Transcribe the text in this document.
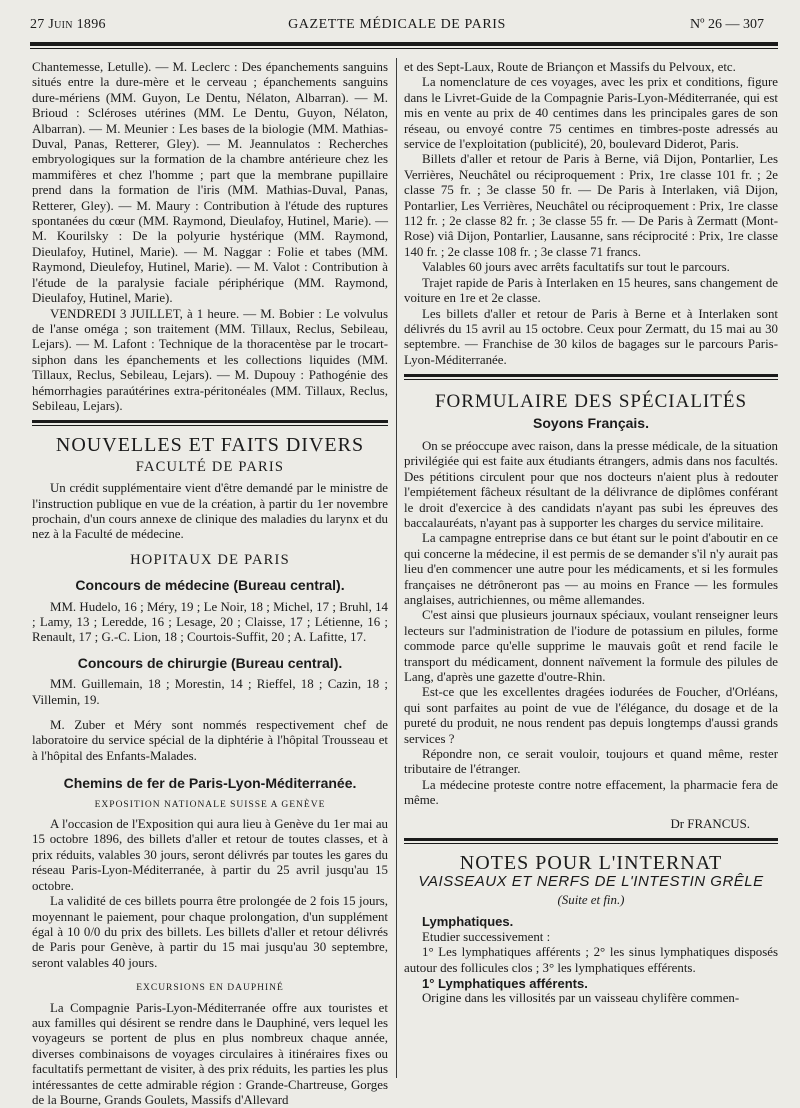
27 Juin 1896	GAZETTE MÉDICALE DE PARIS	Nº 26 — 307

Chantemesse, Letulle). — M. Leclerc : Des épanchements sanguins situés entre la dure-mère et le cerveau ; épanchements sanguins dure-mériens (MM. Guyon, Le Dentu, Nélaton, Albarran). — M. Brioud : Scléroses utérines (MM. Le Dentu, Guyon, Nélaton, Albarran). — M. Meunier : Les bases de la biologie (MM. Mathias-Duval, Panas, Retterer, Gley). — M. Jeannulatos : Recherches embryologiques sur la formation de la chambre antérieure chez les mammifères et chez l'homme ; part que la membrane pupillaire prend dans la formation de l'iris (MM. Mathias-Duval, Panas, Retterer, Gley). — M. Maury : Contribution à l'étude des ruptures spontanées du cœur (MM. Raymond, Dieulafoy, Hutinel, Marie). — M. Kourilsky : De la polyurie hystérique (MM. Raymond, Dieulafoy, Hutinel, Marie). — M. Naggar : Folie et tabes (MM. Raymond, Dieulefoy, Hutinel, Marie). — M. Valot : Contribution à l'étude de la paralysie faciale périphérique (MM. Raymond, Dieulafoy, Hutinel, Marie).

VENDREDI 3 JUILLET, à 1 heure. — M. Bobier : Le volvulus de l'anse oméga ; son traitement (MM. Tillaux, Reclus, Sebileau, Lejars). — M. Lafont : Technique de la thoracentèse par le trocart-siphon dans les épanchements et les collections liquides (MM. Tillaux, Reclus, Sebileau, Lejars). — M. Dupouy : Pathogénie des hémorrhagies paraútérines extra-péritonéales (MM. Tillaux, Reclus, Sebileau, Lejars).

NOUVELLES ET FAITS DIVERS
FACULTÉ DE PARIS

Un crédit supplémentaire vient d'être demandé par le ministre de l'instruction publique en vue de la création, à partir du 1er novembre prochain, d'un cours annexe de clinique des maladies du larynx et du nez à la Faculté de médecine.

HOPITAUX DE PARIS
Concours de médecine (Bureau central).

MM. Hudelo, 16 ; Méry, 19 ; Le Noir, 18 ; Michel, 17 ; Bruhl, 14 ; Lamy, 13 ; Leredde, 16 ; Lesage, 20 ; Claisse, 17 ; Létienne, 16 ; Renault, 17 ; G.-C. Lion, 18 ; Courtois-Suffit, 20 ; A. Lafitte, 17.

Concours de chirurgie (Bureau central).

MM. Guillemain, 18 ; Morestin, 14 ; Rieffel, 18 ; Cazin, 18 ; Villemin, 19.

M. Zuber et Méry sont nommés respectivement chef de laboratoire du service spécial de la diphtérie à l'hôpital Trousseau et à l'hôpital des Enfants-Malades.

Chemins de fer de Paris-Lyon-Méditerranée.
EXPOSITION NATIONALE SUISSE A GENÈVE

A l'occasion de l'Exposition qui aura lieu à Genève du 1er mai au 15 octobre 1896, des billets d'aller et retour de toutes classes, et à prix réduits, valables 30 jours, seront délivrés par toutes les gares du réseau Paris-Lyon-Méditerranée, à partir du 25 avril jusqu'au 15 octobre.

La validité de ces billets pourra être prolongée de 2 fois 15 jours, moyennant le paiement, pour chaque prolongation, d'un supplément égal à 10 0/0 du prix des billets. Les billets d'aller et retour délivrés de Paris pour Genève, à partir du 15 mai jusqu'au 30 septembre, seront valables 40 jours.

EXCURSIONS EN DAUPHINÉ

La Compagnie Paris-Lyon-Méditerranée offre aux touristes et aux familles qui désirent se rendre dans le Dauphiné, vers lequel les voyageurs se portent de plus en plus nombreux chaque année, diverses combinaisons de voyages circulaires à itinéraires fixes ou facultatifs permettant de visiter, à des prix réduits, les parties les plus intéressantes de cette admirable région : Grande-Chartreuse, Gorges de la Bourne, Grands Goulets, Massifs d'Allevard

et des Sept-Laux, Route de Briançon et Massifs du Pelvoux, etc.

La nomenclature de ces voyages, avec les prix et conditions, figure dans le Livret-Guide de la Compagnie Paris-Lyon-Méditerranée, qui est mis en vente au prix de 40 centimes dans les principales gares de son réseau, ou envoyé contre 75 centimes en timbres-poste adressés au service de l'exploitation (publicité), 20, boulevard Diderot, Paris.

Billets d'aller et retour de Paris à Berne, viâ Dijon, Pontarlier, Les Verrières, Neuchâtel ou réciproquement : Prix, 1re classe 101 fr. ; 2e classe 75 fr. ; 3e classe 50 fr. — De Paris à Interlaken, viâ Dijon, Pontarlier, Les Verrières, Neuchâtel ou réciproquement : Prix, 1re classe 112 fr. ; 2e classe 82 fr. ; 3e classe 55 fr. — De Paris à Zermatt (Mont-Rose) viâ Dijon, Pontarlier, Lausanne, sans réciprocité : Prix, 1re classe 140 fr. ; 2e classe 108 fr. ; 3e classe 71 francs.

Valables 60 jours avec arrêts facultatifs sur tout le parcours.

Trajet rapide de Paris à Interlaken en 15 heures, sans changement de voiture en 1re et 2e classe.

Les billets d'aller et retour de Paris à Berne et à Interlaken sont délivrés du 15 avril au 15 octobre. Ceux pour Zermatt, du 15 mai au 30 septembre. — Franchise de 30 kilos de bagages sur le parcours Paris-Lyon-Méditerranée.

FORMULAIRE DES SPÉCIALITÉS
Soyons Français.

On se préoccupe avec raison, dans la presse médicale, de la situation privilégiée qui est faite aux étudiants étrangers, admis dans nos facultés. Des pétitions circulent pour que nos docteurs n'aient plus à redouter l'empiétement fâcheux résultant de la délivrance de diplômes conférant le droit d'exercice à des candidats n'ayant pas subi les épreuves des baccalauréats, n'ayant pas à supporter les charges du service militaire.

La campagne entreprise dans ce but étant sur le point d'aboutir en ce qui concerne la médecine, il est permis de se demander s'il n'y aurait pas lieu d'en commencer une autre pour les médicaments, et si les formules françaises ne détrôneront pas — au moins en France — les formules anglaises, autrichiennes, ou même allemandes.

C'est ainsi que plusieurs journaux spéciaux, voulant renseigner leurs lecteurs sur l'administration de l'iodure de potassium en pilules, forme commode parce qu'elle supprime le mauvais goût et rend facile le transport du médicament, donnent naïvement la formule des pilules de Lang, d'après une gazette d'outre-Rhin.

Est-ce que les excellentes dragées iodurées de Foucher, d'Orléans, qui sont parfaites au point de vue de l'élégance, du dosage et de la pureté du produit, ne nous rendent pas depuis longtemps d'aussi grands services ?

Répondre non, ce serait vouloir, toujours et quand même, rester tributaire de l'étranger.

La médecine proteste contre notre effacement, la pharmacie fera de même.

Dr FRANCUS.

NOTES POUR L'INTERNAT
VAISSEAUX ET NERFS DE L'INTESTIN GRÊLE
(Suite et fin.)

Lymphatiques.

Etudier successivement :

1° Les lymphatiques afférents ; 2° les sinus lymphatiques disposés autour des follicules clos ; 3° les lymphatiques efférents.

1° Lymphatiques afférents.

Origine dans les villosités par un vaisseau chylifère commen-
